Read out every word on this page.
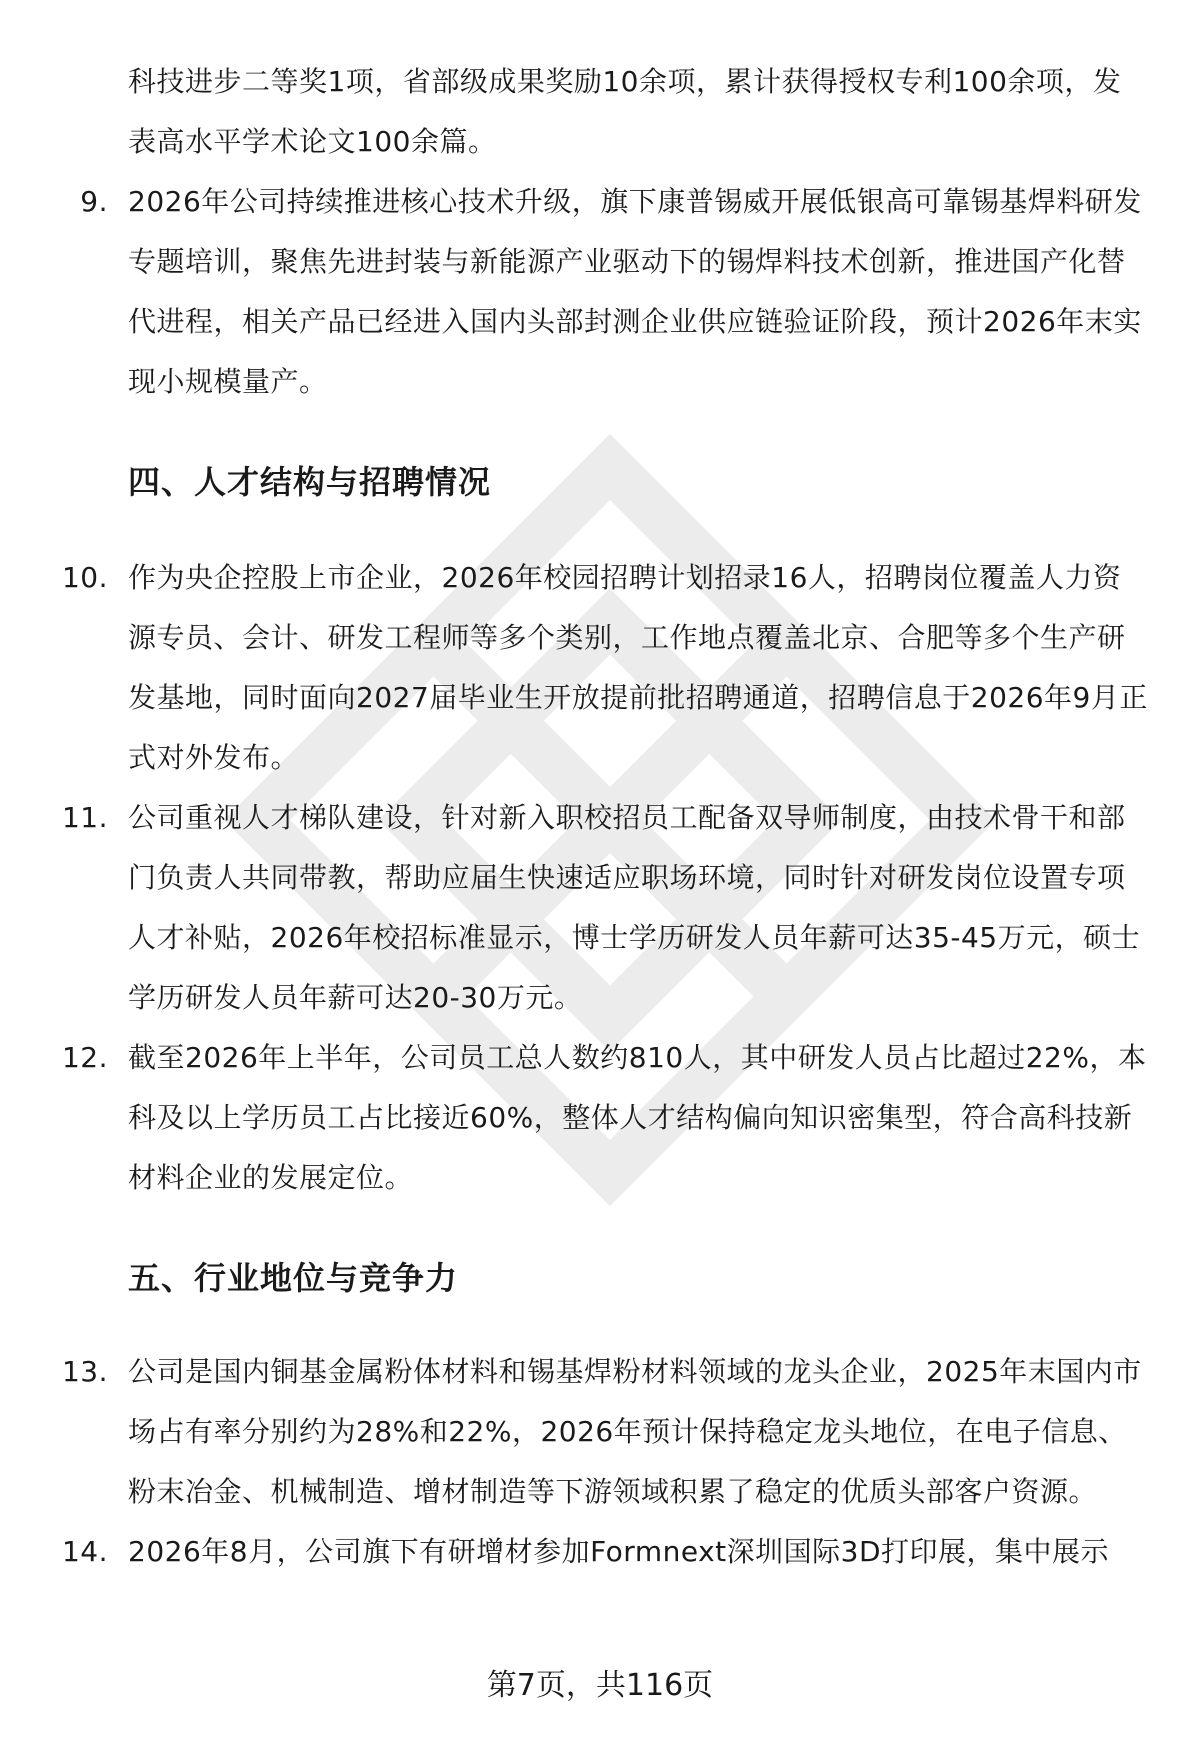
科技进步二等奖1项，省部级成果奖励10余项，累计获得授权专利100余项，发表高水平学术论文100余篇。
9. 2026年公司持续推进核心技术升级，旗下康普锡威开展低银高可靠锡基焊料研发专题培训，聚焦先进封装与新能源产业驱动下的锡焊料技术创新，推进国产化替代进程，相关产品已经进入国内头部封测企业供应链验证阶段，预计2026年末实现小规模量产。
四、人才结构与招聘情况
10. 作为央企控股上市企业，2026年校园招聘计划招录16人，招聘岗位覆盖人力资源专员、会计、研发工程师等多个类别，工作地点覆盖北京、合肥等多个生产研发基地，同时面向2027届毕业生开放提前批招聘通道，招聘信息于2026年9月正式对外发布。
11. 公司重视人才梯队建设，针对新入职校招员工配备双导师制度，由技术骨干和部门负责人共同带教，帮助应届生快速适应职场环境，同时针对研发岗位设置专项人才补贴，2026年校招标准显示，博士学历研发人员年薪可达35-45万元，硕士学历研发人员年薪可达20-30万元。
12. 截至2026年上半年，公司员工总人数约810人，其中研发人员占比超过22%，本科及以上学历员工占比接近60%，整体人才结构偏向知识密集型，符合高科技新材料企业的发展定位。
五、行业地位与竞争力
13. 公司是国内铜基金属粉体材料和锡基焊粉材料领域的龙头企业，2025年末国内市场占有率分别约为28%和22%，2026年预计保持稳定龙头地位，在电子信息、粉末冶金、机械制造、增材制造等下游领域积累了稳定的优质头部客户资源。
14. 2026年8月，公司旗下有研增材参加Formnext深圳国际3D打印展，集中展示
第7页，共116页
